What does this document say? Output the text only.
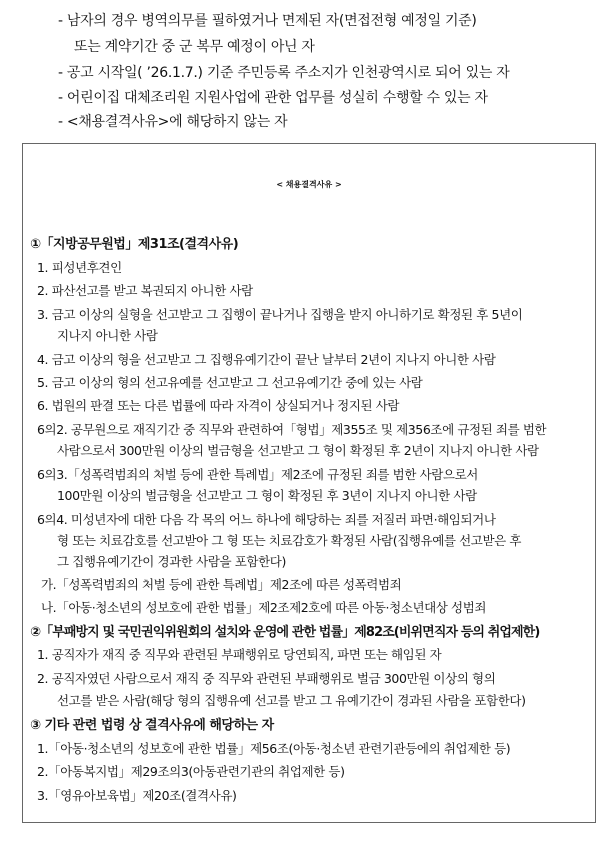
- 남자의 경우 병역의무를 필하였거나 면제된 자(면접전형 예정일 기준)
또는 계약기간 중 군 복무 예정이 아닌 자
- 공고 시작일( ’26.1.7.) 기준 주민등록 주소지가 인천광역시로 되어 있는 자
- 어린이집 대체조리원 지원사업에 관한 업무를 성실히 수행할 수 있는 자
- <채용결격사유>에 해당하지 않는 자
< 채용결격사유 >
①「지방공무원법」제31조(결격사유)
1. 피성년후견인
2. 파산선고를 받고 복권되지 아니한 사람
3. 금고 이상의 실형을 선고받고 그 집행이 끝나거나 집행을 받지 아니하기로 확정된 후 5년이
지나지 아니한 사람
4. 금고 이상의 형을 선고받고 그 집행유예기간이 끝난 날부터 2년이 지나지 아니한 사람
5. 금고 이상의 형의 선고유예를 선고받고 그 선고유예기간 중에 있는 사람
6. 법원의 판결 또는 다른 법률에 따라 자격이 상실되거나 정지된 사람
6의2. 공무원으로 재직기간 중 직무와 관련하여「형법」제355조 및 제356조에 규정된 죄를 범한
사람으로서 300만원 이상의 벌금형을 선고받고 그 형이 확정된 후 2년이 지나지 아니한 사람
6의3.「성폭력범죄의 처벌 등에 관한 특례법」제2조에 규정된 죄를 범한 사람으로서
100만원 이상의 벌금형을 선고받고 그 형이 확정된 후 3년이 지나지 아니한 사람
6의4. 미성년자에 대한 다음 각 목의 어느 하나에 해당하는 죄를 저질러 파면·해임되거나
형 또는 치료감호를 선고받아 그 형 또는 치료감호가 확정된 사람(집행유예를 선고받은 후
그 집행유예기간이 경과한 사람을 포함한다)
가.「성폭력범죄의 처벌 등에 관한 특례법」제2조에 따른 성폭력범죄
나.「아동·청소년의 성보호에 관한 법률」제2조제2호에 따른 아동·청소년대상 성범죄
②「부패방지 및 국민권익위원회의 설치와 운영에 관한 법률」제82조(비위면직자 등의 취업제한)
1. 공직자가 재직 중 직무와 관련된 부패행위로 당연퇴직, 파면 또는 해임된 자
2. 공직자였던 사람으로서 재직 중 직무와 관련된 부패행위로 벌금 300만원 이상의 형의
선고를 받은 사람(해당 형의 집행유예 선고를 받고 그 유예기간이 경과된 사람을 포함한다)
③ 기타 관련 법령 상 결격사유에 해당하는 자
1.「아동·청소년의 성보호에 관한 법률」제56조(아동·청소년 관련기관등에의 취업제한 등)
2.「아동복지법」제29조의3(아동관련기관의 취업제한 등)
3.「영유아보육법」제20조(결격사유)
